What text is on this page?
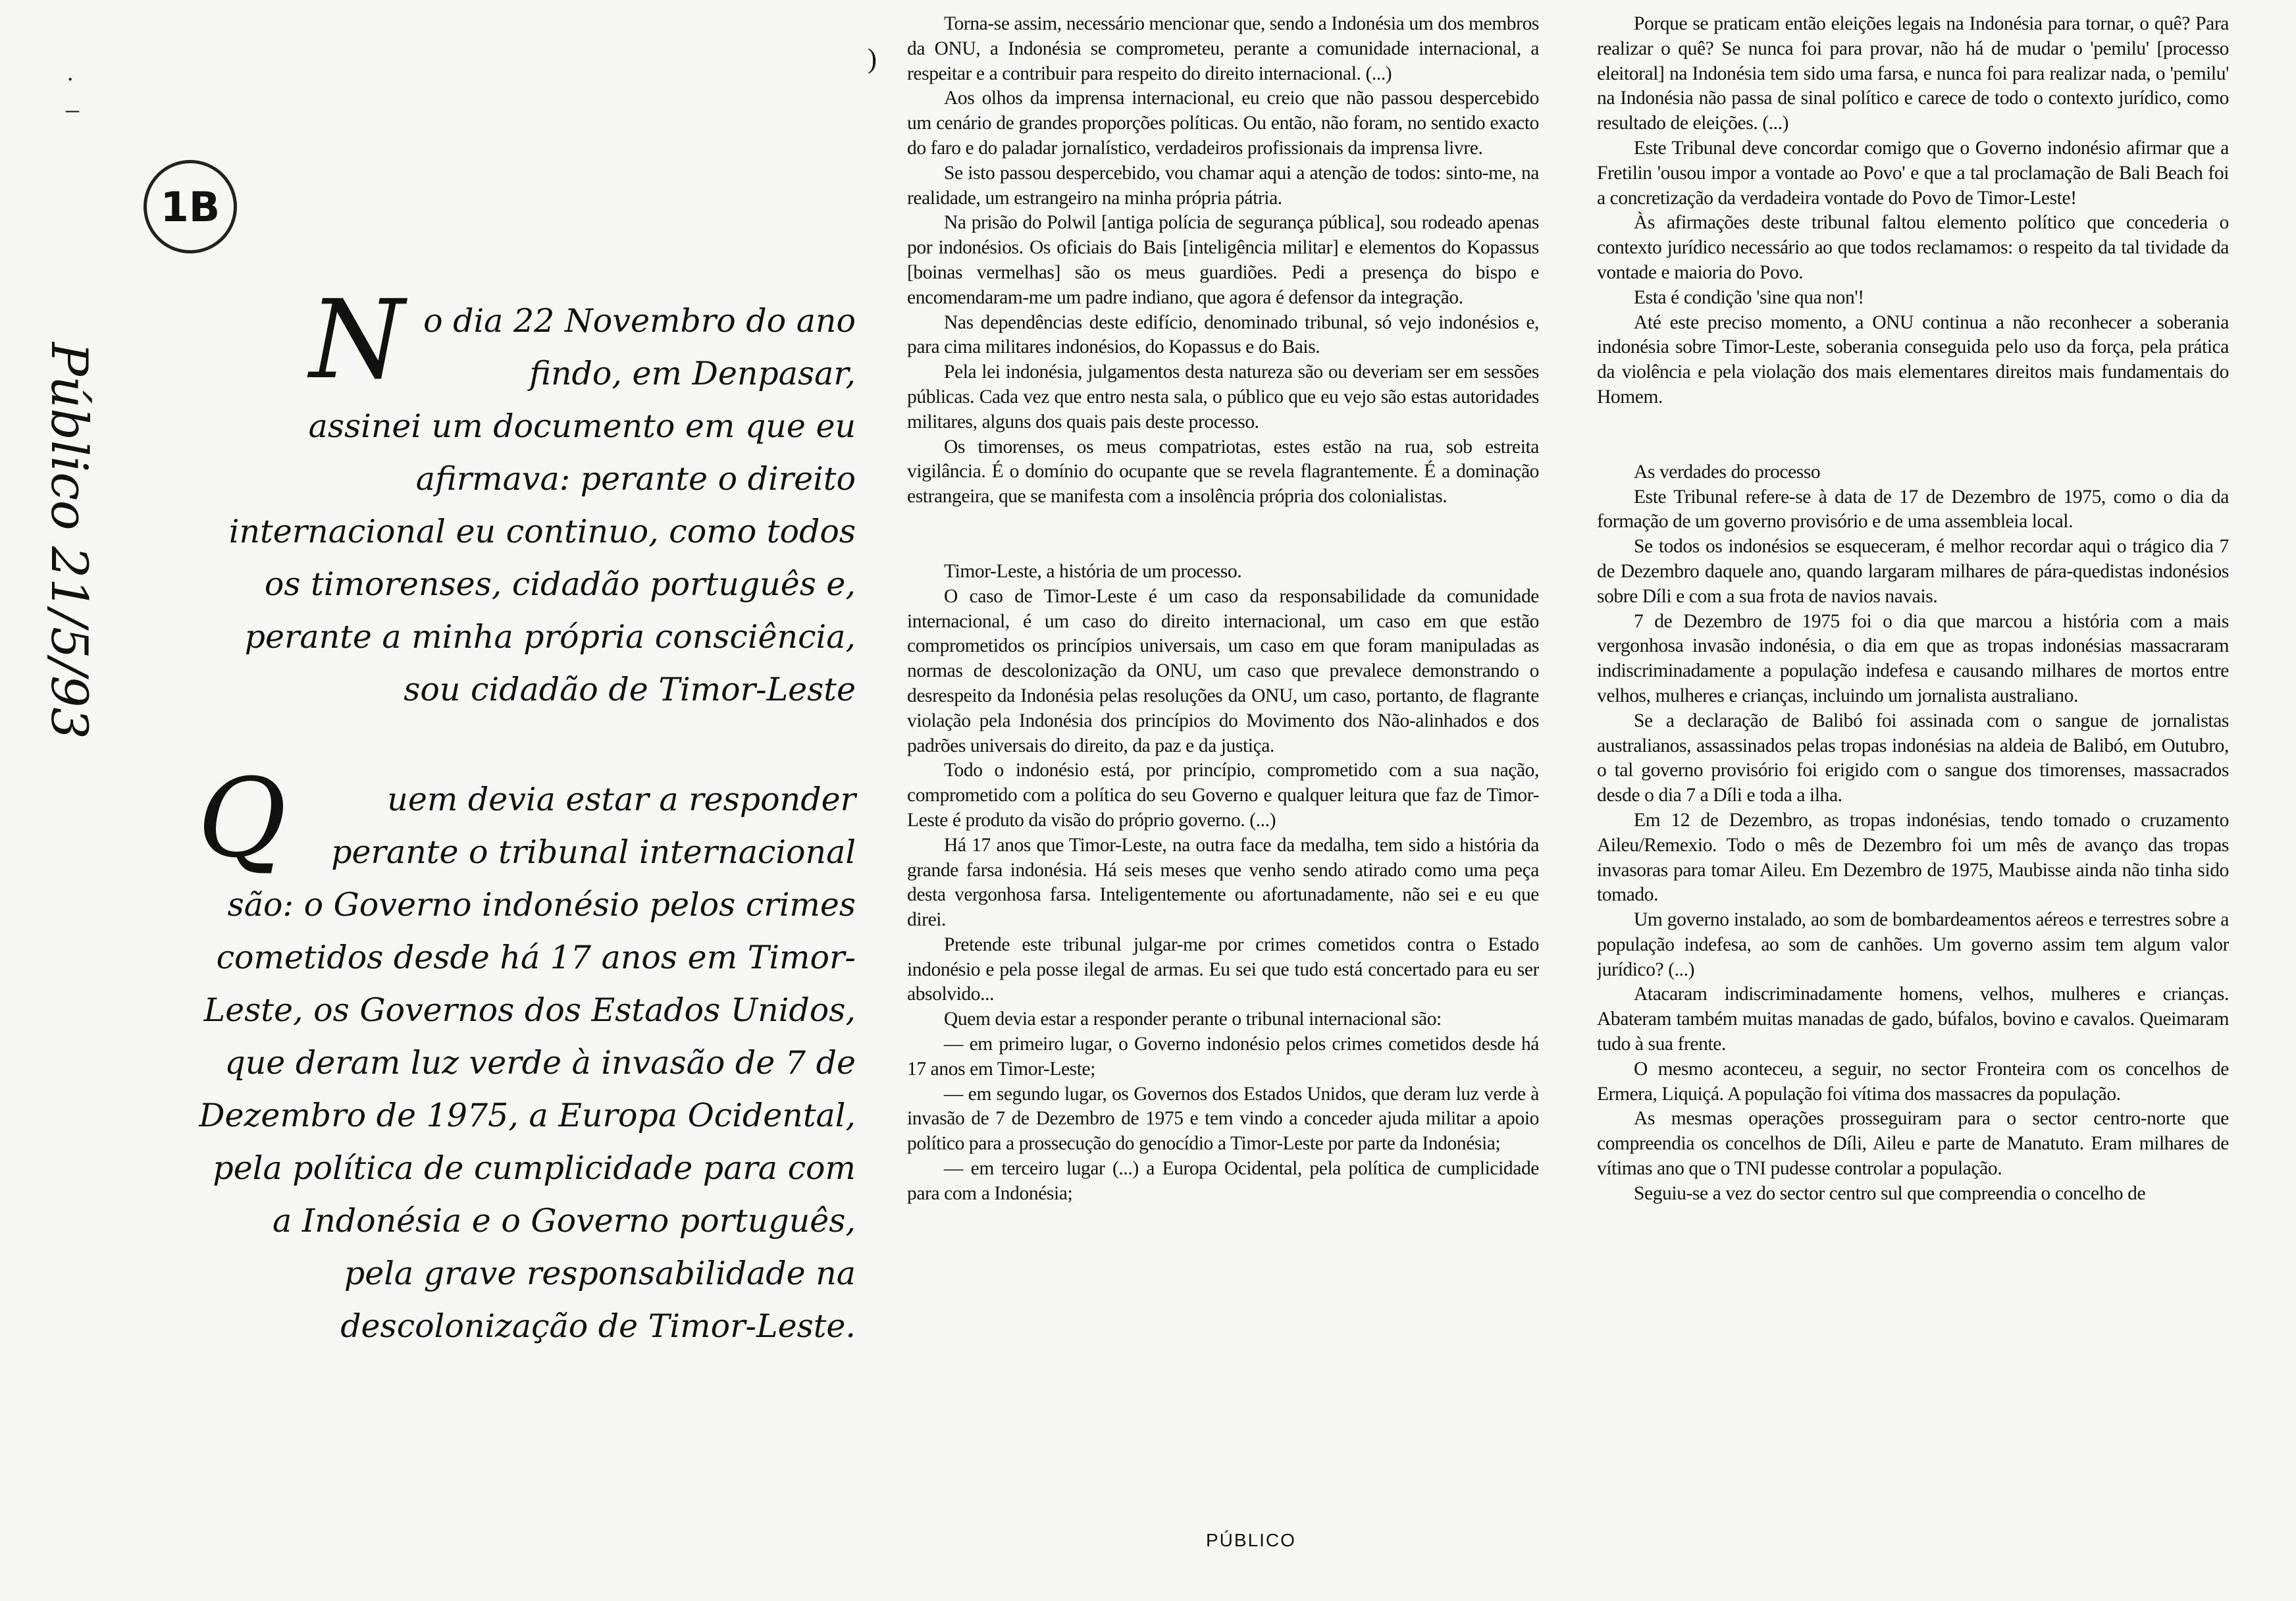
˙
–
1B
Público 21/5/93
N o dia 22 Novembro do ano findo, em Denpasar, assinei um documento em que eu afirmava: perante o direito internacional eu continuo, como todos os timorenses, cidadão português e, perante a minha própria consciência, sou cidadão de Timor-Leste
Q	uem devia estar a responder perante o tribunal internacional são: o Governo indonésio pelos crimes cometidos desde há 17 anos em Timor-Leste, os Governos dos Estados Unidos, que deram luz verde à invasão de 7 de Dezembro de 1975, a Europa Ocidental, pela política de cumplicidade para com a Indonésia e o Governo português, pela grave responsabilidade na descolonização de Timor-Leste.
)

Torna-se assim, necessário mencionar que, sendo a Indonésia um dos membros da ONU, a Indonésia se comprometeu, perante a comunidade internacional, a respeitar e a contribuir para respeito do direito internacional. (...)

Aos olhos da imprensa internacional, eu creio que não passou despercebido um cenário de grandes proporções políticas. Ou então, não foram, no sentido exacto do faro e do paladar jornalístico, verdadeiros profissionais da imprensa livre.

Se isto passou despercebido, vou chamar aqui a atenção de todos: sinto-me, na realidade, um estrangeiro na minha própria pátria.

Na prisão do Polwil [antiga polícia de segurança pública], sou rodeado apenas por indonésios. Os oficiais do Bais [inteligência militar] e elementos do Kopassus [boinas vermelhas] são os meus guardiões. Pedi a presença do bispo e encomendaram-me um padre indiano, que agora é defensor da integração.

Nas dependências deste edifício, denominado tribunal, só vejo indonésios e, para cima militares indonésios, do Kopassus e do Bais.

Pela lei indonésia, julgamentos desta natureza são ou deveriam ser em sessões públicas. Cada vez que entro nesta sala, o público que eu vejo são estas autoridades militares, alguns dos quais pais deste processo.

Os timorenses, os meus compatriotas, estes estão na rua, sob estreita vigilância. É o domínio do ocupante que se revela flagrantemente. É a dominação estrangeira, que se manifesta com a insolência própria dos colonialistas.

Timor-Leste, a história de um processo.

O caso de Timor-Leste é um caso da responsabilidade da comunidade internacional, é um caso do direito internacional, um caso em que estão comprometidos os princípios universais, um caso em que foram manipuladas as normas de descolonização da ONU, um caso que prevalece demonstrando o desrespeito da Indonésia pelas resoluções da ONU, um caso, portanto, de flagrante violação pela Indonésia dos princípios do Movimento dos Não-alinhados e dos padrões universais do direito, da paz e da justiça.

Todo o indonésio está, por princípio, comprometido com a sua nação, comprometido com a política do seu Governo e qualquer leitura que faz de Timor-Leste é produto da visão do próprio governo. (...)

Há 17 anos que Timor-Leste, na outra face da medalha, tem sido a história da grande farsa indonésia. Há seis meses que venho sendo atirado como uma peça desta vergonhosa farsa. Inteligentemente ou afortunadamente, não sei e eu que direi.

Pretende este tribunal julgar-me por crimes cometidos contra o Estado indonésio e pela posse ilegal de armas. Eu sei que tudo está concertado para eu ser absolvido...

Quem devia estar a responder perante o tribunal internacional são:

— em primeiro lugar, o Governo indonésio pelos crimes cometidos desde há 17 anos em Timor-Leste;

— em segundo lugar, os Governos dos Estados Unidos, que deram luz verde à invasão de 7 de Dezembro de 1975 e tem vindo a conceder ajuda militar a apoio político para a prossecução do genocídio a Timor-Leste por parte da Indonésia;

— em terceiro lugar (...) a Europa Ocidental, pela política de cumplicidade para com a Indonésia;

Porque se praticam então eleições legais na Indonésia para tornar, o quê? Para realizar o quê? Se nunca foi para provar, não há de mudar o 'pemilu' [processo eleitoral] na Indonésia tem sido uma farsa, e nunca foi para realizar nada, o 'pemilu' na Indonésia não passa de sinal político e carece de todo o contexto jurídico, como resultado de eleições. (...)

Este Tribunal deve concordar comigo que o Governo indonésio afirmar que a Fretilin 'ousou impor a vontade ao Povo' e que a tal proclamação de Bali Beach foi a concretização da verdadeira vontade do Povo de Timor-Leste!

Às afirmações deste tribunal faltou elemento político que concederia o contexto jurídico necessário ao que todos reclamamos: o respeito da tal tividade da vontade e maioria do Povo.

Esta é condição 'sine qua non'!

Até este preciso momento, a ONU continua a não reconhecer a soberania indonésia sobre Timor-Leste, soberania conseguida pelo uso da força, pela prática da violência e pela violação dos mais elementares direitos mais fundamentais do Homem.

As verdades do processo

Este Tribunal refere-se à data de 17 de Dezembro de 1975, como o dia da formação de um governo provisório e de uma assembleia local.

Se todos os indonésios se esqueceram, é melhor recordar aqui o trágico dia 7 de Dezembro daquele ano, quando largaram milhares de pára-quedistas indonésios sobre Díli e com a sua frota de navios navais.

7 de Dezembro de 1975 foi o dia que marcou a história com a mais vergonhosa invasão indonésia, o dia em que as tropas indonésias massacraram indiscriminadamente a população indefesa e causando milhares de mortos entre velhos, mulheres e crianças, incluindo um jornalista australiano.

Se a declaração de Balibó foi assinada com o sangue de jornalistas australianos, assassinados pelas tropas indonésias na aldeia de Balibó, em Outubro, o tal governo provisório foi erigido com o sangue dos timorenses, massacrados desde o dia 7 a Díli e toda a ilha.

Em 12 de Dezembro, as tropas indonésias, tendo tomado o cruzamento Aileu/Remexio. Todo o mês de Dezembro foi um mês de avanço das tropas invasoras para tomar Aileu. Em Dezembro de 1975, Maubisse ainda não tinha sido tomado.

Um governo instalado, ao som de bombardeamentos aéreos e terrestres sobre a população indefesa, ao som de canhões. Um governo assim tem algum valor jurídico? (...)

Atacaram indiscriminadamente homens, velhos, mulheres e crianças. Abateram também muitas manadas de gado, búfalos, bovino e cavalos. Queimaram tudo à sua frente.

O mesmo aconteceu, a seguir, no sector Fronteira com os concelhos de Ermera, Liquiçá. A população foi vítima dos massacres da população.

As mesmas operações prosseguiram para o sector centro-norte que compreendia os concelhos de Díli, Aileu e parte de Manatuto. Eram milhares de vítimas ano que o TNI pudesse controlar a população.

Seguiu-se a vez do sector centro sul que compreendia o concelho de

PÚBLICO
